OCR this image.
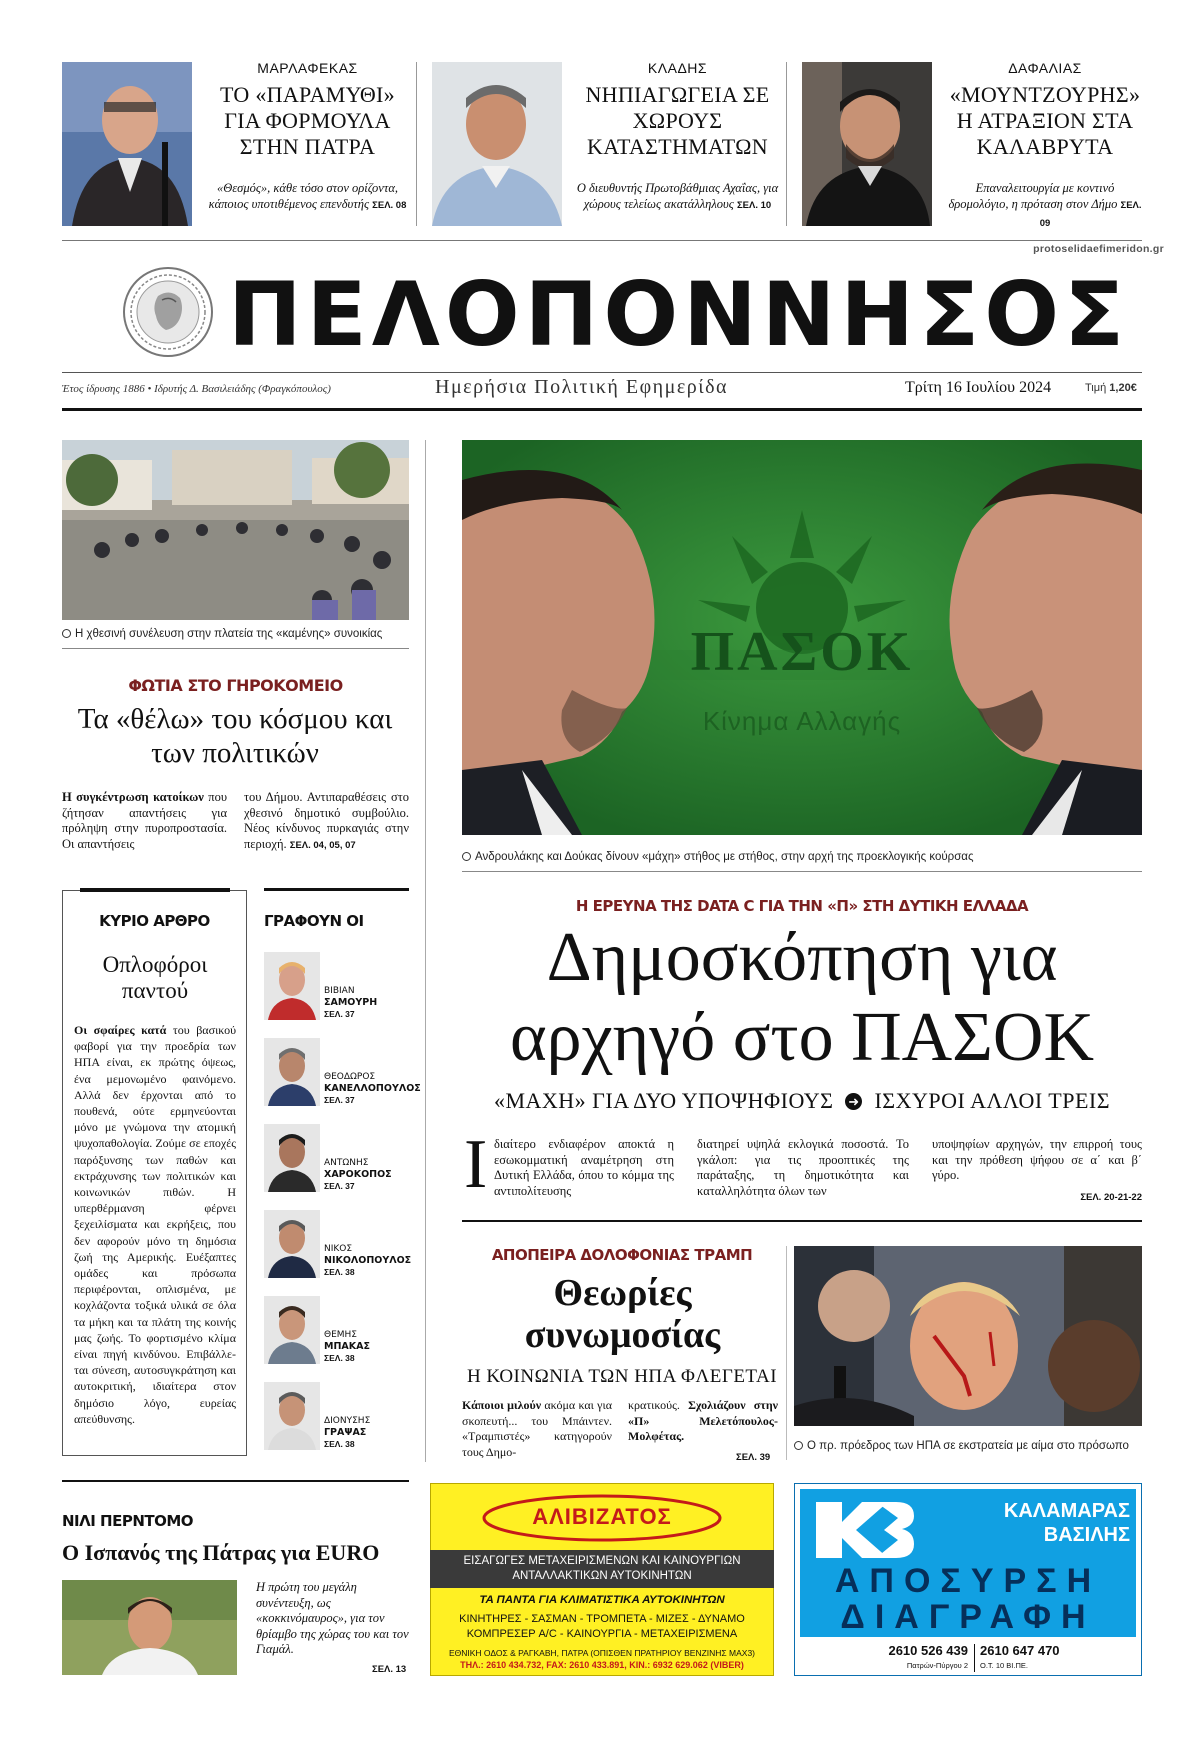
ΜΑΡΛΑΦΕΚΑΣ
ΤΟ «ΠΑΡΑΜΥΘΙ» ΓΙΑ ΦΟΡΜΟΥΛΑ ΣΤΗΝ ΠΑΤΡΑ
«Θεσμός», κάθε τόσο στον ορίζοντα, κάποιος υποτιθέμενος επενδυτής ΣΕΛ. 08
ΚΛΑΔΗΣ
ΝΗΠΙΑΓΩΓΕΙΑ ΣΕ ΧΩΡΟΥΣ ΚΑΤΑΣΤΗΜΑΤΩΝ
Ο διευθυντής Πρωτοβάθμιας Αχαΐας, για χώρους τελείως ακατάλληλους ΣΕΛ. 10
ΔΑΦΑΛΙΑΣ
«ΜΟΥΝΤΖΟΥΡΗΣ» Η ΑΤΡΑΞΙΟΝ ΣΤΑ ΚΑΛΑΒΡΥΤΑ
Επαναλειτουργία με κοντινό δρομολόγιο, η πρόταση στον Δήμο ΣΕΛ. 09
protoselidaefimeridon.gr
ΠΕΛΟΠΟΝΝΗΣΟΣ
Έτος ίδρυσης 1886 • Ιδρυτής Δ. Βασιλειάδης (Φραγκόπουλος)	Ημερήσια Πολιτική Εφημερίδα	Τρίτη 16 Ιουλίου 2024	Τιμή 1,20€
Η χθεσινή συνέλευση στην πλατεία της «καμένης» συνοικίας
ΦΩΤΙΑ ΣΤΟ ΓΗΡΟΚΟΜΕΙΟ
Τα «θέλω» του κόσμου και των πολιτικών
Η συγκέντρωση κατοίκων που ζήτησαν απαντήσεις για πρόληψη στην πυροπροστασία. Οι απαντήσεις
του Δήμου. Αντιπαραθέσεις στο χθεσινό δημοτικό συμβούλιο. Νέος κίνδυνος πυρκαγιάς στην περιοχή. ΣΕΛ. 04, 05, 07
ΚΥΡΙΟ ΑΡΘΡΟ
Οπλοφόροι παντού
Οι σφαίρες κατά του βασικού φαβορί για την προεδρία των ΗΠΑ είναι, εκ πρώτης όψεως, ένα μεμονωμένο φαινόμενο. Αλλά δεν έρχονται από το πουθενά, ούτε ερμηνεύονται μόνο με γνώμονα την ατομική ψυχοπαθολογία. Ζούμε σε εποχές παρόξυνσης των παθών και εκτράχυνσης των πολιτικών και κοινωνικών πιθών. Η υπερθέρμανση φέρνει ξεχειλίσματα και εκρήξεις, που δεν αφορούν μόνο τη δημόσια ζωή της Αμερικής. Ευέξαπτες ομάδες και πρόσωπα περιφέρονται, οπλισμένα, με κοχλάζοντα τοξικά υλικά σε όλα τα μήκη και τα πλάτη της κοινής μας ζωής. Το φορτισμένο κλίμα είναι πηγή κινδύνου. Επιβάλλεται σύνεση, αυτοσυγκράτηση και αυτοκριτική, ιδιαίτερα στον δημόσιο λόγο, ευρείας απεύθυνσης.
ΓΡΑΦΟΥΝ ΟΙ
ΒΙΒΙΑΝ
ΣΑΜΟΥΡΗ
ΣΕΛ. 37
ΘΕΟΔΩΡΟΣ
ΚΑΝΕΛΛΟΠΟΥΛΟΣ
ΣΕΛ. 37
ΑΝΤΩΝΗΣ
ΧΑΡΟΚΟΠΟΣ
ΣΕΛ. 37
ΝΙΚΟΣ
ΝΙΚΟΛΟΠΟΥΛΟΣ
ΣΕΛ. 38
ΘΕΜΗΣ
ΜΠΑΚΑΣ
ΣΕΛ. 38
ΔΙΟΝΥΣΗΣ
ΓΡΑΨΑΣ
ΣΕΛ. 38
ΠΑΣΟΚ
Κίνημα Αλλαγής
Ανδρουλάκης και Δούκας δίνουν «μάχη» στήθος με στήθος, στην αρχή της προεκλογικής κούρσας
Η ΕΡΕΥΝΑ ΤΗΣ DATA C ΓΙΑ ΤΗΝ «Π» ΣΤΗ ΔΥΤΙΚΗ ΕΛΛΑΔΑ
Δημοσκόπηση για
αρχηγό στο ΠΑΣΟΚ
«ΜΑΧΗ» ΓΙΑ ΔΥΟ ΥΠΟΨΗΦΙΟΥΣ ➜ ΙΣΧΥΡΟΙ ΑΛΛΟΙ ΤΡΕΙΣ
Ι διαίτερο ενδιαφέρον αποκτά η εσωκομματική αναμέτρηση στη Δυτική Ελλάδα, όπου το κόμμα της αντιπολίτευσης
διατηρεί υψηλά εκλογικά ποσοστά. Το γκάλοπ: για τις προοπτικές της παράταξης, τη δημοτικότητα και καταλληλότητα όλων των
υποψηφίων αρχηγών, την επιρροή τους και την πρόθεση ψήφου σε α΄ και β΄ γύρο.
ΣΕΛ. 20-21-22
ΑΠΟΠΕΙΡΑ ΔΟΛΟΦΟΝΙΑΣ ΤΡΑΜΠ
Θεωρίες συνωμοσίας
Η ΚΟΙΝΩΝΙΑ ΤΩΝ ΗΠΑ ΦΛΕΓΕΤΑΙ
Κάποιοι μιλούν ακόμα και για σκοπευτή... του Μπάιντεν. «Τραμπιστές» κατηγορούν τους Δημο-
κρατικούς. Σχολιάζουν στην «Π» Μελετόπουλος-Μολφέτας.
ΣΕΛ. 39
Ο πρ. πρόεδρος των ΗΠΑ σε εκστρατεία με αίμα στο πρόσωπο
ΝΙΛΙ ΠΕΡΝΤΟΜΟ
Ο Ισπανός της Πάτρας για EURO
Η πρώτη του μεγάλη συνέντευξη, ως «κοκκινόμαυρος», για τον θρίαμβο της χώρας του και τον Γιαμάλ.
ΣΕΛ. 13
ΑΛΙΒΙΖΑΤΟΣ
ΕΙΣΑΓΩΓΕΣ ΜΕΤΑΧΕΙΡΙΣΜΕΝΩΝ ΚΑΙ ΚΑΙΝΟΥΡΓΙΩΝ
ΑΝΤΑΛΛΑΚΤΙΚΩΝ ΑΥΤΟΚΙΝΗΤΩΝ
ΤΑ ΠΑΝΤΑ ΓΙΑ ΚΛΙΜΑΤΙΣΤΙΚΑ ΑΥΤΟΚΙΝΗΤΩΝ
ΚΙΝΗΤΗΡΕΣ - ΣΑΣΜΑΝ - ΤΡΟΜΠΕΤΑ - ΜΙΖΕΣ - ΔΥΝΑΜΟ
ΚΟΜΠΡΕΣΕΡ A/C - ΚΑΙΝΟΥΡΓΙΑ - ΜΕΤΑΧΕΙΡΙΣΜΕΝΑ
ΕΘΝΙΚΗ ΟΔΟΣ & ΡΑΓΚΑΒΗ, ΠΑΤΡΑ (ΟΠΙΣΘΕΝ ΠΡΑΤΗΡΙΟΥ ΒΕΝΖΙΝΗΣ ΜΑΧ3)
ΤΗΛ.: 2610 434.732, FAX: 2610 433.891, ΚΙΝ.: 6932 629.062 (VIBER)
ΚΑΛΑΜΑΡΑΣ
ΒΑΣΙΛΗΣ
ΑΠΟΣΥΡΣΗ
ΔΙΑΓΡΑΦΗ
2610 526 439
Πατρών-Πύργου 2
2610 647 470
Ο.Τ. 10 ΒΙ.ΠΕ.
